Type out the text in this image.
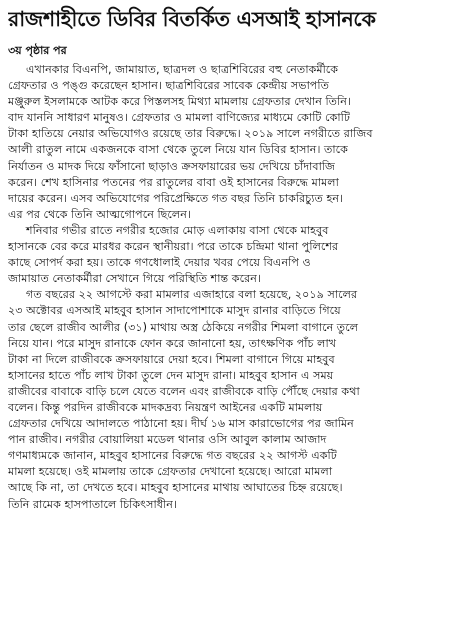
রাজশাহীতে ডিবির বিতর্কিত এসআই হাসানকে
৩য় পৃষ্ঠার পর

এখানকার বিএনপি, জামায়াত, ছাত্রদল ও ছাত্রশিবিরের বহু নেতাকর্মীকে
গ্রেফতার ও পঙ্গু করেছেন হাসান। ছাত্রশিবিরের সাবেক কেন্দ্রীয় সভাপতি
মঞ্জুরুল ইসলামকে আটক করে পিস্তলসহ মিথ্যা মামলায় গ্রেফতার দেখান তিনি।
বাদ যাননি সাধারণ মানুষও। গ্রেফতার ও মামলা বাণিজ্যের মাধ্যমে কোটি কোটি
টাকা হাতিয়ে নেয়ার অভিযোগও রয়েছে তার বিরুদ্ধে। ২০১৯ সালে নগরীতে রাজিব
আলী রাতুল নামে একজনকে বাসা থেকে তুলে নিয়ে যান ডিবির হাসান। তাকে
নির্যাতন ও মাদক দিয়ে ফাঁসানো ছাড়াও ক্রসফায়ারের ভয় দেখিয়ে চাঁদাবাজি
করেন। শেখ হাসিনার পতনের পর রাতুলের বাবা ওই হাসানের বিরুদ্ধে মামলা
দায়ের করেন। এসব অভিযোগের পরিপ্রেক্ষিতে গত বছর তিনি চাকরিচ্যুত হন।
এর পর থেকে তিনি আত্মগোপনে ছিলেন।

শনিবার গভীর রাতে নগরীর হজোর মোড় এলাকায় বাসা থেকে মাহবুব
হাসানকে বের করে মারধর করেন স্থানীয়রা। পরে তাকে চন্দ্রিমা থানা পুলিশের
কাছে সোপর্দ করা হয়। তাকে গণধোলাই দেয়ার খবর পেয়ে বিএনপি ও
জামায়াত নেতাকর্মীরা সেখানে গিয়ে পরিস্থিতি শান্ত করেন।

গত বছরের ২২ আগস্টে করা মামলার এজাহারে বলা হয়েছে, ২০১৯ সালের
২৩ অক্টোবর এসআই মাহবুব হাসান সাদাপোশাকে মাসুদ রানার বাড়িতে গিয়ে
তার ছেলে রাজীব আলীর (৩১) মাথায় অস্ত্র ঠেকিয়ে নগরীর শিমলা বাগানে তুলে
নিয়ে যান। পরে মাসুদ রানাকে ফোন করে জানানো হয়, তাৎক্ষণিক পাঁচ লাখ
টাকা না দিলে রাজীবকে ক্রসফায়ারে দেয়া হবে। শিমলা বাগানে গিয়ে মাহবুব
হাসানের হাতে পাঁচ লাখ টাকা তুলে দেন মাসুদ রানা। মাহবুব হাসান এ সময়
রাজীবের বাবাকে বাড়ি চলে যেতে বলেন এবং রাজীবকে বাড়ি পৌঁছে দেয়ার কথা
বলেন। কিন্তু পরদিন রাজীবকে মাদকদ্রব্য নিয়ন্ত্রণ আইনের একটি মামলায়
গ্রেফতার দেখিয়ে আদালতে পাঠানো হয়। দীর্ঘ ১৬ মাস কারাভোগের পর জামিন
পান রাজীব। নগরীর বোয়ালিয়া মডেল থানার ওসি আবুল কালাম আজাদ
গণমাধ্যমকে জানান, মাহবুব হাসানের বিরুদ্ধে গত বছরের ২২ আগস্ট একটি
মামলা হয়েছে। ওই মামলায় তাকে গ্রেফতার দেখানো হয়েছে। আরো মামলা
আছে কি না, তা দেখতে হবে। মাহবুব হাসানের মাথায় আঘাতের চিহ্ন রয়েছে।
তিনি রামেক হাসপাতালে চিকিৎসাধীন।
